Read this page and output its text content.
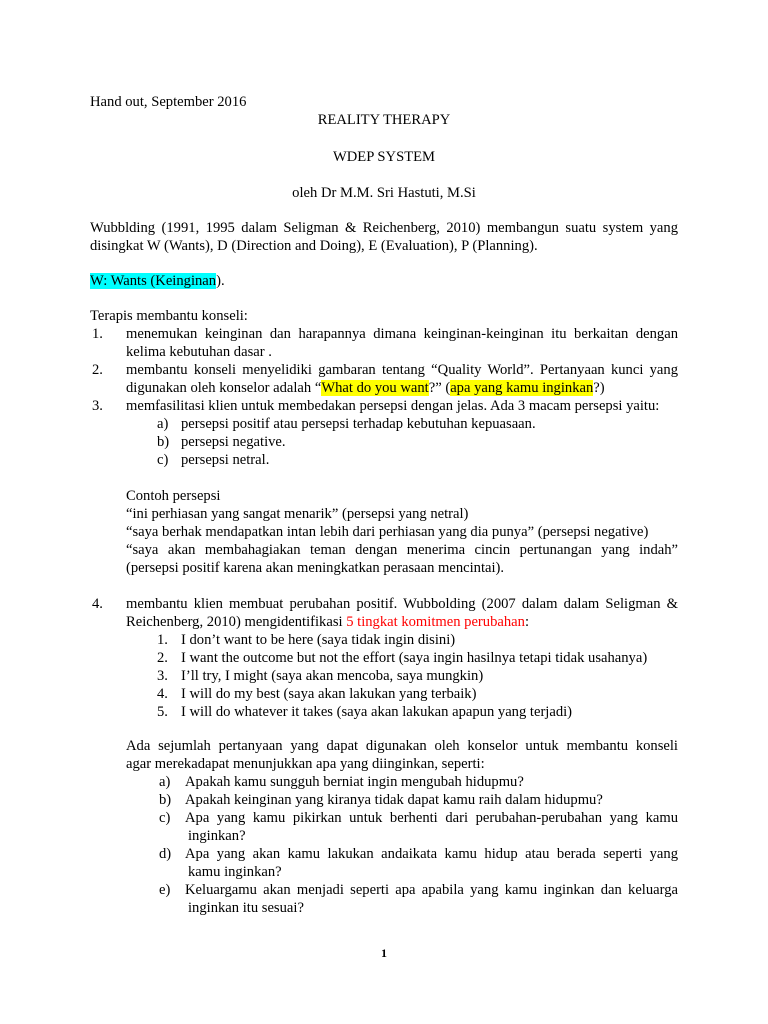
Hand out, September 2016
REALITY THERAPY
WDEP SYSTEM
oleh Dr M.M. Sri Hastuti, M.Si
Wubblding (1991, 1995 dalam Seligman & Reichenberg, 2010) membangun suatu system yang
disingkat W (Wants), D (Direction and Doing), E (Evaluation), P (Planning).
W: Wants (Keinginan).
Terapis membantu konseli:
1. menemukan keinginan dan harapannya dimana keinginan-keinginan itu berkaitan dengan
kelima kebutuhan dasar .
2. membantu konseli menyelidiki gambaran tentang “Quality World”. Pertanyaan kunci yang
digunakan oleh konselor adalah “What do you want?” (apa yang kamu inginkan?)
3. memfasilitasi klien untuk membedakan persepsi dengan jelas. Ada 3 macam persepsi yaitu:
a) persepsi positif atau persepsi terhadap kebutuhan kepuasaan.
b) persepsi negative.
c) persepsi netral.
Contoh persepsi
“ini perhiasan yang sangat menarik” (persepsi yang netral)
“saya berhak mendapatkan intan lebih dari perhiasan yang dia punya” (persepsi negative)
“saya akan membahagiakan teman dengan menerima cincin pertunangan yang indah”
(persepsi positif karena akan meningkatkan perasaan mencintai).
4. membantu klien membuat perubahan positif. Wubbolding (2007 dalam dalam Seligman &
Reichenberg, 2010) mengidentifikasi 5 tingkat komitmen perubahan:
1. I don’t want to be here (saya tidak ingin disini)
2. I want the outcome but not the effort (saya ingin hasilnya tetapi tidak usahanya)
3. I’ll try, I might (saya akan mencoba, saya mungkin)
4. I will do my best (saya akan lakukan yang terbaik)
5. I will do whatever it takes (saya akan lakukan apapun yang terjadi)
Ada sejumlah pertanyaan yang dapat digunakan oleh konselor untuk membantu konseli
agar merekadapat menunjukkan apa yang diinginkan, seperti:
a) Apakah kamu sungguh berniat ingin mengubah hidupmu?
b) Apakah keinginan yang kiranya tidak dapat kamu raih dalam hidupmu?
c) Apa yang kamu pikirkan untuk berhenti dari perubahan-perubahan yang kamu
inginkan?
d) Apa yang akan kamu lakukan andaikata kamu hidup atau berada seperti yang
kamu inginkan?
e) Keluargamu akan menjadi seperti apa apabila yang kamu inginkan dan keluarga
inginkan itu sesuai?
1
